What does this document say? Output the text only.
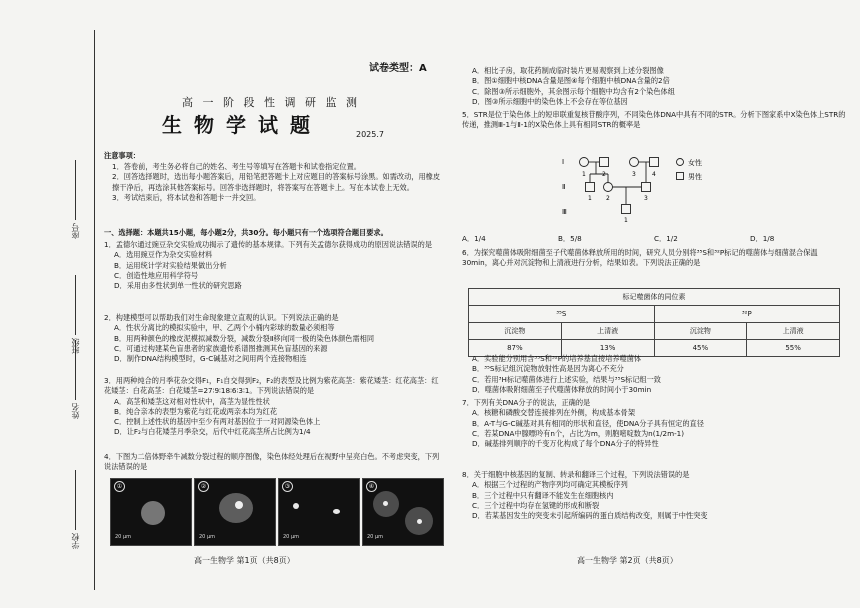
学校
姓名
班级
座号
试卷类型：A
高 一 阶 段 性 调 研 监 测
生物学试题	2025.7
注意事项：
1．答卷前，考生务必将自己的姓名、考生号等填写在答题卡和试卷指定位置。
2．回答选择题时，选出每小题答案后，用铅笔把答题卡上对应题目的答案标号涂黑。如需改动，用橡皮擦干净后，再选涂其他答案标号。回答非选择题时，将答案写在答题卡上。写在本试卷上无效。
3．考试结束后，将本试卷和答题卡一并交回。
一、选择题：本题共15小题，每小题2分，共30分。每小题只有一个选项符合题目要求。
1．孟德尔通过豌豆杂交实验成功揭示了遗传的基本规律。下列有关孟德尔获得成功的原因说法错误的是
A．选用豌豆作为杂交实验材料
B．运用统计学对实验结果做出分析
C．创造性地应用科学符号
D．采用由多性状到单一性状的研究思路
2．构建模型可以帮助我们对生命现象建立直观的认识。下列说法正确的是
A．性状分离比的模拟实验中，甲、乙两个小桶内彩球的数量必须相等
B．用两种颜色的橡皮泥模拟减数分裂，减数分裂Ⅱ移向同一极的染色体颜色需相同
C．可通过构建某色盲患者的家族遗传系谱图推测其色盲基因的来源
D．制作DNA结构模型时，G-C碱基对之间用两个连接物相连
3．用两种纯合的月季花杂交得F₁，F₁自交得到F₂，F₂的表型及比例为紫花高茎：紫花矮茎：红花高茎：红花矮茎：白花高茎：白花矮茎=27∶9∶18∶6∶3∶1。下列说法错误的是
A．高茎和矮茎这对相对性状中，高茎为显性性状
B．纯合亲本的表型为紫花与红花或两亲本均为红花
C．控制上述性状的基因中至少有两对基因位于一对同源染色体上
D．让F₂与白花矮茎月季杂交，后代中红花高茎所占比例为1/4
4．下图为二倍体野牵牛减数分裂过程的顺序图像，染色体经处理后在视野中呈亮白色。不考虑突变，下列说法错误的是
①
20 μm
②
20 μm
③
20 μm
④
20 μm
高一生物学 第1页（共8页）
A．相比子房，取花药制成临时装片更易观察到上述分裂图像
B．图①细胞中核DNA含量是图④每个细胞中核DNA含量的2倍
C．除图③所示细胞外，其余图示每个细胞中均含有2个染色体组
D．图③所示细胞中的染色体上不会存在等位基因
5．STR是位于染色体上的短串联重复核苷酸序列，不同染色体DNA中具有不同的STR。分析下图家系中X染色体上STR的传递，推测Ⅲ-1与Ⅱ-1的X染色体上具有相同STR的概率是
Ⅰ
Ⅱ
Ⅲ
1	2	3	4
1 2	3
1
女性
男性
A．1/4	B．5/8	C．1/2	D．1/8
6．为探究噬菌体吸附细菌至子代噬菌体释放所用的时间，研究人员分别将³⁵S和³²P标记的噬菌体与细菌混合保温30min，离心并对沉淀物和上清液进行分析，结果如表。下列说法正确的是
标记噬菌体的同位素			
³⁵S		³²P	
沉淀物	上清液	沉淀物	上清液
87%	13%	45%	55%
A．实验能分别用含³⁵S和³²P的培养基直接培养噬菌体
B．³⁵S标记组沉淀物放射性高是因为离心不充分
C．若用³H标记噬菌体进行上述实验，结果与³⁵S标记组一致
D．噬菌体吸附细菌至子代噬菌体释放的时间小于30min
7．下列有关DNA分子的说法，正确的是
A．核糖和磷酸交替连接排列在外侧，构成基本骨架
B．A-T与G-C碱基对具有相同的形状和直径，使DNA分子具有恒定的直径
C．若某DNA中腺嘌呤有n个，占比为m，则胞嘧啶数为n(1/2m-1)
D．碱基排列顺序的千变万化构成了每个DNA分子的特异性
8．关于细胞中核基因的复制、转录和翻译三个过程，下列说法错误的是
A．根据三个过程的产物序列均可确定其模板序列
B．三个过程中只有翻译不能发生在细胞核内
C．三个过程中均存在氢键的形成和断裂
D．若某基因发生的突变未引起所编码的蛋白质结构改变，则属于中性突变
高一生物学 第2页（共8页）
